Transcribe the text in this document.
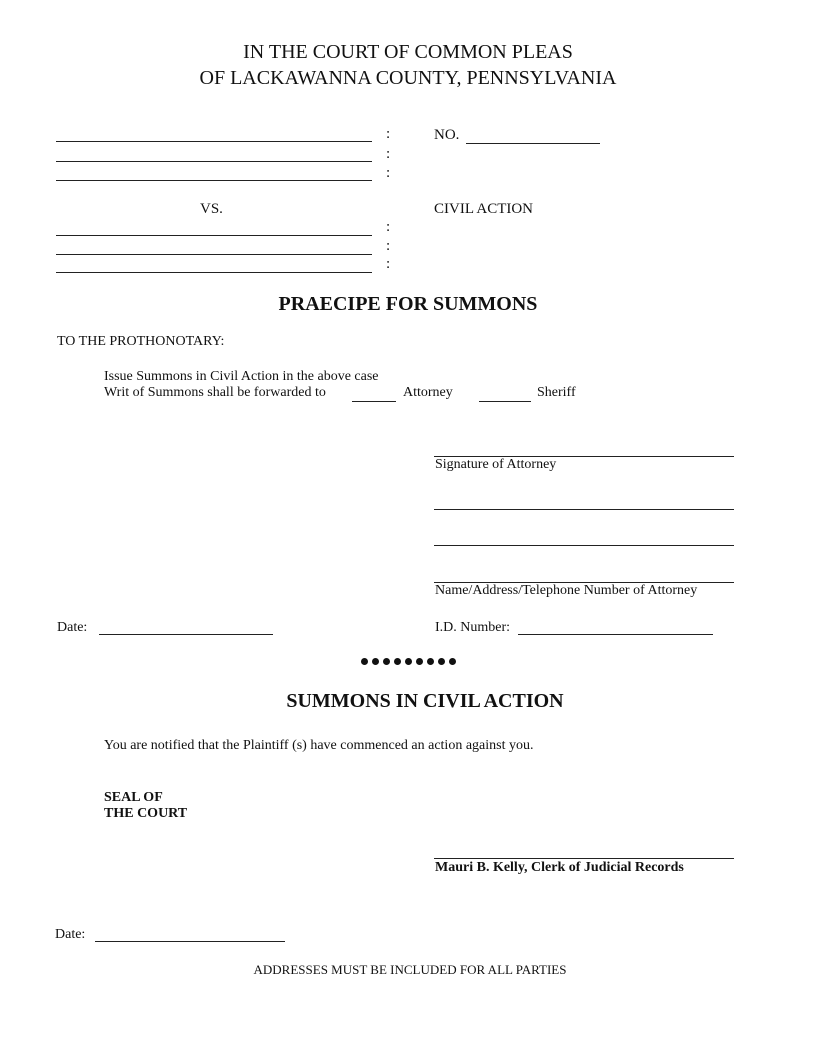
IN THE COURT OF COMMON PLEAS
OF LACKAWANNA COUNTY, PENNSYLVANIA
:
:
:
NO.
VS.	CIVIL ACTION
:
:
:
PRAECIPE FOR SUMMONS
TO THE PROTHONOTARY:
Issue Summons in Civil Action in the above case
Writ of Summons shall be forwarded to	Attorney	Sheriff
Signature of Attorney
Name/Address/Telephone Number of Attorney
Date:	I.D. Number:
SUMMONS IN CIVIL ACTION
You are notified that the Plaintiff (s) have commenced an action against you.
SEAL OF
THE COURT
Mauri B. Kelly, Clerk of Judicial Records
Date:
ADDRESSES MUST BE INCLUDED FOR ALL PARTIES
